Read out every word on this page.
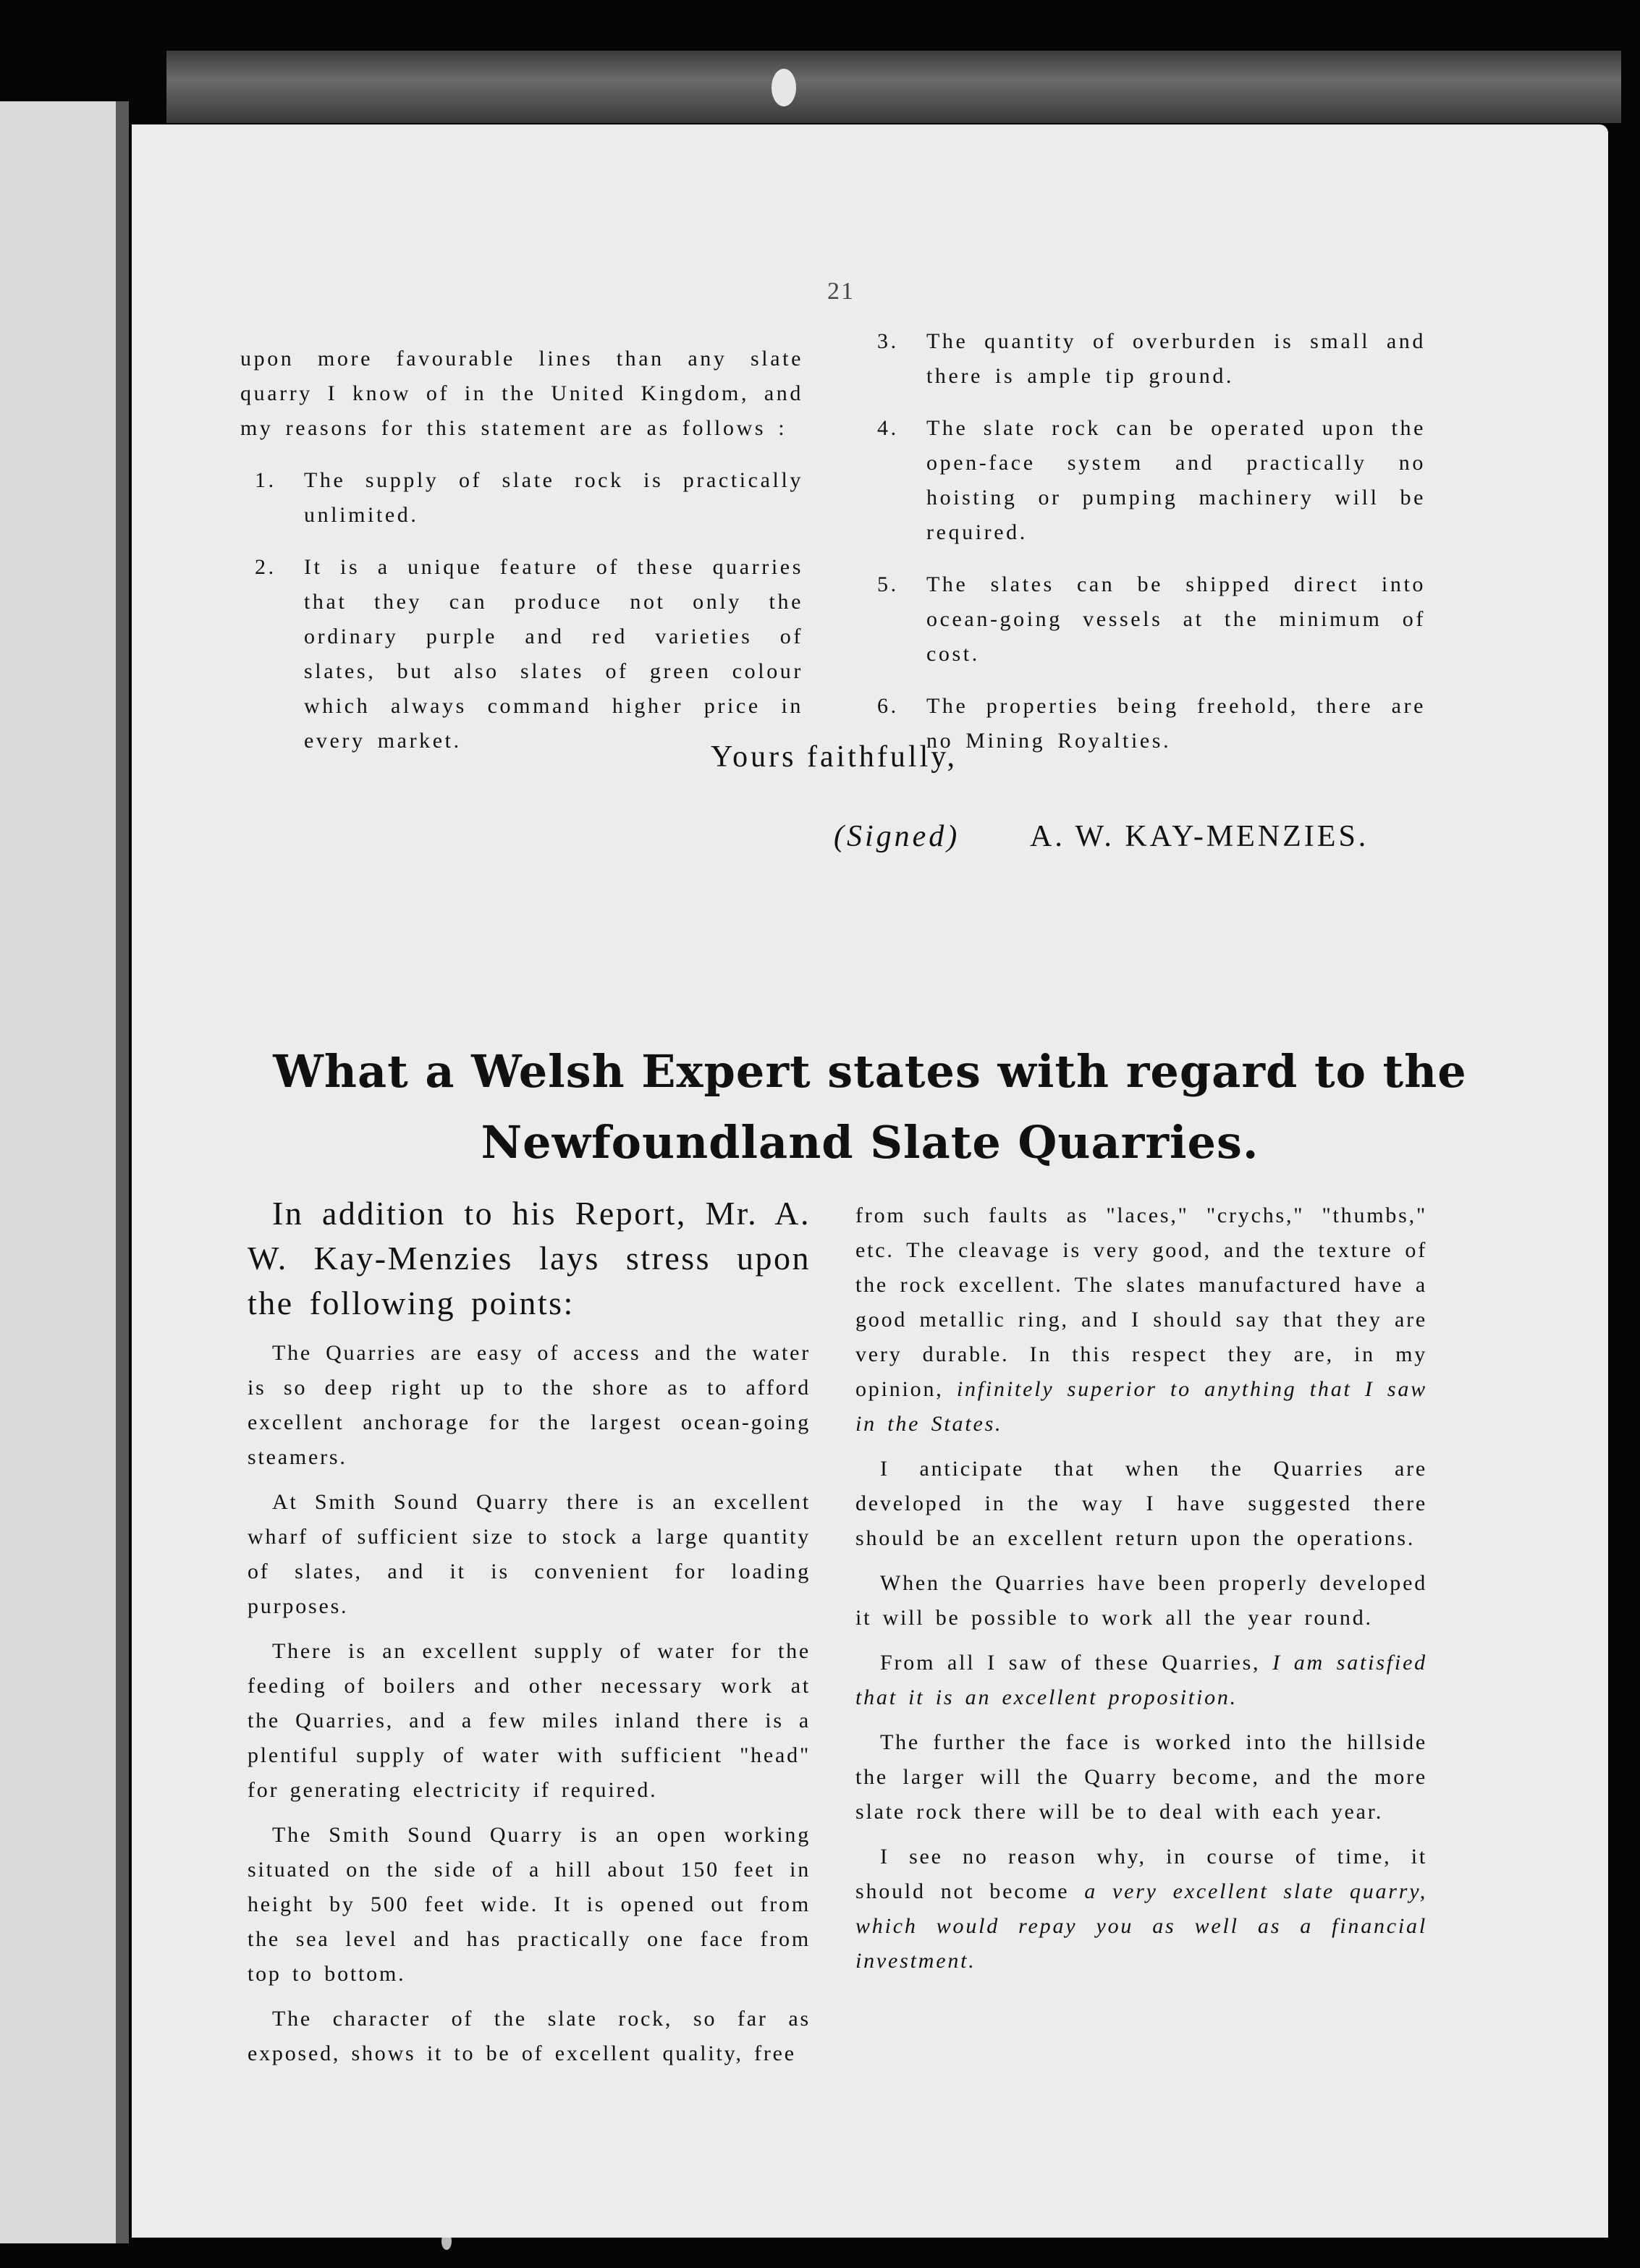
21

upon more favourable lines than any slate quarry I know of in the United Kingdom, and my reasons for this statement are as follows :

1. The supply of slate rock is practically unlimited.

2. It is a unique feature of these quarries that they can produce not only the ordinary purple and red varieties of slates, but also slates of green colour which always command higher price in every market.

3. The quantity of overburden is small and there is ample tip ground.

4. The slate rock can be operated upon the open-face system and practically no hoisting or pumping machinery will be required.

5. The slates can be shipped direct into ocean-going vessels at the minimum of cost.

6. The properties being freehold, there are no Mining Royalties.

Yours faithfully,
(Signed) A. W. KAY-MENZIES.
What a Welsh Expert states with regard to the
Newfoundland Slate Quarries.

In addition to his Report, Mr. A. W. Kay-Menzies lays stress upon the following points:

The Quarries are easy of access and the water is so deep right up to the shore as to afford excellent anchorage for the largest ocean-going steamers.

At Smith Sound Quarry there is an excellent wharf of sufficient size to stock a large quantity of slates, and it is convenient for loading purposes.

There is an excellent supply of water for the feeding of boilers and other necessary work at the Quarries, and a few miles inland there is a plentiful supply of water with sufficient "head" for generating electricity if required.

The Smith Sound Quarry is an open working situated on the side of a hill about 150 feet in height by 500 feet wide. It is opened out from the sea level and has practically one face from top to bottom.

The character of the slate rock, so far as exposed, shows it to be of excellent quality, free

from such faults as "laces," "crychs," "thumbs," etc. The cleavage is very good, and the texture of the rock excellent. The slates manufactured have a good metallic ring, and I should say that they are very durable. In this respect they are, in my opinion, infinitely superior to anything that I saw in the States.

I anticipate that when the Quarries are developed in the way I have suggested there should be an excellent return upon the operations.

When the Quarries have been properly developed it will be possible to work all the year round.

From all I saw of these Quarries, I am satisfied that it is an excellent proposition.

The further the face is worked into the hillside the larger will the Quarry become, and the more slate rock there will be to deal with each year.

I see no reason why, in course of time, it should not become a very excellent slate quarry, which would repay you as well as a financial investment.
